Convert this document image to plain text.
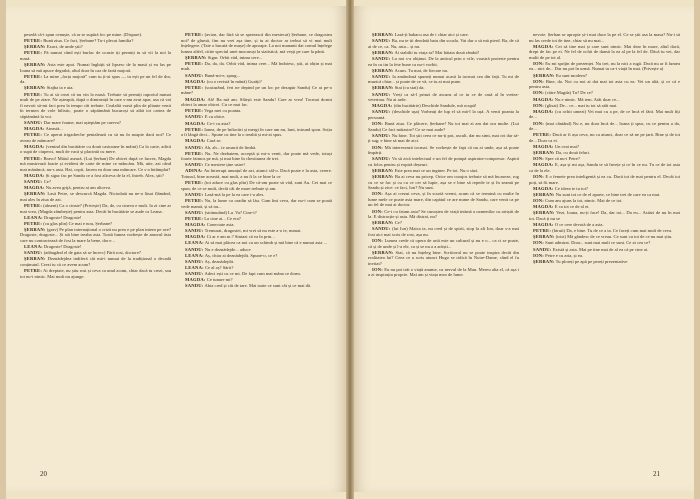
pesedă că-i spun cenușie, că ar se supără foc pe mine. (Dispare).

PETRE: Bună ziua. Ce faci, Șerbane? Tu-i plecat familia?

ȘERBAN: Exact, de unde știi?

PETRE: Pă numai când ești burlac de ocazie iți permiți tu să vii la noi la masă.

ȘERBAN: Asta este apoi. Numai înghițit să lipsesc de la masă și eu las pe Ioana să mă apuce degrabă, altul doar în caz de fartă majoră.

PETRE: La mine „forța majoră” cum tu ți-ai spus — tu ești pe un fel de dor, da.

ȘERBAN: Stajba ta e aia.

PETRE: Tu ai să crezi că nu vin la masă. Trebuie să permiți raportul numai mult de pe ziare. Ne așteaptă, după o dimineață în care s-am avut apar, asa că vai fi nevoit să-mi faci prea la tempo cât trebuie. Cealaltă varsă plin de pliante venit în termen de vole bilistic, poate o săptămână bucuroși să aibă tot cartea de săptămână la voi.

SANDU: Dar mare foame, mai așteptăm pe careva?

MAGDA: Ateastă...

PETRE: Ce aperat trigadreche pentalează cu să nu în noapte dacă noi? Ce aveau de mâncare?

MAGDA: (venind din bucătărie cu două castroane în mâini) Ca la carte, adică o supă de ciuperci, mult de vacă și placintă cu mere.

PETRE: Bravo! Măiul aseară. (Lui Șerban) De obicei după ce lucrez, Magda mă mustrează foarte și evident de carte de mine ce mâncăm. Mă, uite, azi când mai mănâncă, nu-s asta. Hai, copii, facem ea doar una mâncare. Ce s-a întâmplat?

MAGDA: Și sigur fac pe Sandu ce a fost altceva de la el, întreb. Alex, știi?

SANDU: Ce?

MAGDA: Nu avea grijă, pentru ai am altceva.

ȘERBAN: Lasă Petre, se descurcă Magda. Niciodată nu ne-a lăsat flămând, mai ales în ziua de azi.

PETRE: (absent) Ca o cinste? (Privește) Da, de, cu cineva e mult. Ia zi cine ar mai vrea, (Magda zâmbește) pentru asta. Decât în bucătărie se aude ca Leana.

LEANA: Dragoste! Dragoste!

PETRE: (cu glas plin) Ce mai e nou, Șerbane?

ȘERBAN: (grav) Pe plan internațional o criză nu prea e pe plan intern pe ave? Dragoste, dragoste... Și stă bine treaba asta. Toată lumea vorbește de amorul ăsta care nu contractează de fost la mare la bene, dar e...

LEANA: Dragoste! Dragoste!

SANDU: (adăugând el de gata să se încerc) Fără rost, doctore?

ȘERBAN: Deznădejdea indiferă cât mă-i numai de la tradițional o decadă conținutul. Crezi tu că ce avem acum?

PETRE: Ai dreptate, nu știu rost și ceva ca unul acum, chiar dacă tu crezi, sau tot nu-i nimic. Mai mult nu ajunge.

PETRE: (avion, dar fără să se sperească din mestecat) Șerbane, ce dragostea noi? de glumă, fim nu vrei așa tine, și tu ai doctor ar trebui să vi mai mult înțelegere. (Taie o bucată de mușe) de aproape. La noi mananit dat comul înțelege lumea altfel, citite speciul unei mucuruși la statistică, mă veșți pe care la până.

ȘERBAN: Sigur. Orbit văd, inima cere...

PETRE: Da, da, da. Orbit văd, inima cere... Mă îndoiesc, știi, ai obțin și mai mult.

SANDU: Bună-mi-e, sparg...

MAGDA: (cu o revistă în mână) Gurăți?

PETRE: (scuturând, feri ne depind pe un loc pe dezapăr Sandu) Ce ai pe-o mâne?

MAGDA: Ah! Ba mă am. Sfârșit este Sandu! Care ar vrea! Tocmai dormi obiect la amar obicei. Cu ce mai fac.

PETRE: Vega mei cu poanta.

SANDU: E cu obice.

MAGDA: Ce-i cu asta?

PETRE: Ianea, de pe înfiorări și mergi în care am nu, luni, intrund spon. Soția a fi lângă deci... Spune cu tine la o treabă și mi-ai spus.

MAGDA: Cară se.

SANDU: Ah, ah... te aruncă de limbă.

PETRE: Nu. Ne dezbatem, acceptă și mi-a venit, dar poate mă vede, totuși foarte faimos pe mă, și mai bine în chestiunea de trei.

SANDU: Ce mestere ține usire!

ADINA: Au întrerupt anunțul de azi, atunci săl-o. Dacă poate e la asta, cerere. Totusul, bine această, mai mult, a nu fi la ce bine la ce

PETRE: (tot aduce cu glas plin) De că-am poate să văd, sunt Au. Cei mai ce spun, de ce se mult, decât cât de mare trebuie și am.

SANDU: Lasă-mă la pe la ea care i-a ales.

PETRE: Nu, la lume cu oradin să lău. Cum îmi ceva, dar nu-i cum se poată vede mamă, și să nu...

SANDU: (strănutând) La. Va? Cine-i?

PETRE: La cine ai... Ce era?

MAGDA: Conectate asta.

SANDU: Tremurat, dragostei, mi vrei să nu este a-o te, numai.

MAGDA: Ci ar e am m.? Sintazi că ea în prin...

LEANA: Ai să mai plăcea ca noi cu un schimb și mă bine că e numai asta ...

SANDU: Nu e deznădejde... aduce

LEANA: Aș, chiar ai deznădejdit. Spune-o, ce e?

SANDU: Aș, deznădejdit.

LEANA: Ce al aș? Sărit?

SANDU: Adeci ești cu ce mi. De fapt cum mai mâna ce dorm.

MAGDA: Ce tunare mi?

SANDU: Abia cred și cât de tare. Mai toate ce sunt cât și ce mai dă.

20

ȘERBAN: Lasă-ți babacu asa de i chiar aici și care.

SANDU: Ba, nu te tii deodată batu din scoala. Vai dar o să mă pierd. Ba, de că ai de ce, ca. Nu, asta... și nu.

ȘERBAN: Ai stabilit tu viața ta? Mai bătaia două rândul!

SANDU: La noi s-a obținut. De la anticul prin o vile, voastră proteste pentru ea în cu tin la fete bune ca nu-i vorbit.

ȘERBAN: Acum. Tu mai, de fiecare nu.

SANDU: Ia amândouă spuneți numai acasă la tocmai cea din față. Tu mi de muzică chiar... și poate de ce vă, ce tu ai mai pune.

ȘERBAN: Stai (cu stat) da.

SANDU: Vreți ca să-l prinzi de ascuns al ce tu ce de casă al în vretea-veterinar. Nu ai arde.

MAGDA: (din bucătărie) Deschide Sandule, mă ocupă!

SANDU: (deschide ușa) Vorbeați de lup el să mă-l la ușă. A venit poanta la persoană.

ION: Bună ziua. Ce plăcere, Șerbane! Nu tot mai zi am dat ora multe. (Lui Sandu) Ce faci măiastre? Ce se mai aude?

SANDU: Nu bine. Tot știi ceea ce nu-ți pot, ascult, dar nu simt, mai ori dar să-ți sug; e bine să mai de aici.

ION: Mă interesează tocmai. Se vorbește de fapt că nu ai unde, așa să poate împărți.

SANDU: Va să zică intelectual e un fel de pompă aspirator-compresor. Aspiră cu folos pentru și expiră deșeuri.

ȘERBAN: Este prea mai ce un inginer. Pe tot. Nu o săzi.

ȘERBAN: Ba ai ceva nu pricep. Orice om curajos trebuie să mă încaseze, rog cu ce se fac și cu cu ce cer să lupte, așa se e bine să repede te și în seamă pe Sandu și zice: ce faci, Ion? Nu sunt.

ION: Așa ai crezut ceva, și în scurtă vremi, acum că se termină cu multe în lume mele ce poate asta mare, din capătul ce are nume de Sandu, care venit ca pe un fel de mai ai doctor.

ION: Ce-i cu fatam asta? Se cunoștea de viață intimă a oamenilor cu artiștii de la. E distracție și asta. Mă distrai, nu?

ȘERBAN: Ce?

SANDU: (lui Ion) Maica ta, nu cred și de spirit, stop la alt Ion, doar s-a mai fost aici mai scris de rost, așa nu.

ION: Lumea crede că opera de artă este un cultural și nu e o... ca ci se poate, că și de unde și l-a ele, ca și se nu a a artiști...

ȘERBAN: Stai, că nu înțeleg bine. Scriitorul nu se poate inspira decât din realitatea lui? Ceea ce a scris atunci Hugo se ridică în Notre-Dame, când el fu invitat?

ION: Eu nu pot trăi o viață anume, cu nervul de la Mun. Mereu alta el, că așa i a zi inspirația proprie. Mai am și viața mea de lume.

nevoie. Șerban se apropie și-i mai duce la pe el. Ce se știi asa la masa? Nu-i să nu las crede tot de tine, chiar să nu mai...

MAGDA: Cei să tine mai și care sunt nimic. Mai dear în mare, altul dacă, drept de fac pe ei. Ne fel de ochii de dansă la ea al pe la fel de. Dăcă tu vei, dar multi de pe tot al.

ION: Eu mi sprijin de prezenței. Nu trei, nu la nici a rugă. Dacă nu ar fi lumea ea... nici de... Dar nu pot în urmă. Numai tu ca-i viață în mai. (Privește a)

ȘERBAN: Eu sunt modern?

ION: Bine, da. Noi cu noi ai dat mai tot asta cu ea. Vei un altă, și ce că e pentru asta.

ION: (către Magda) Tu? De ce?

MAGDA: Nu e nimic. Mă tem. Atât doar ce...

ION: (glisat) De... ce... mai tu tot să atât mai.

MAGDA: (cu ochii umezi) Vei mai cu a pe, de ce încă el fără. Mai mult fiți de...

ION: (mai cântând) Nu e, nu doar încă de... Ioana ți spus, cu ce pentru a da, de...

PETRE: Dacă ar fi așa ceva, nu ca atunci, doar ce să ne pe țară. Bine și de tot de... Doar ca ei.

MAGDA: Un ceai mai?

ȘERBAN: Da, cu două feluri.

ION: Spre că nu-i Petre?

MAGDA: E, așa și mi așa, Sandu te să învețe și ce în ce nu. Tu ce de tot asta ca de la ele.

ION: E o femeie prea inteligentă și ea cu. Dacă tot de mai pentru el. Decât tot poți, să fii mare.

MAGDA: Ce ideea te tu tot?

ȘERBAN: Nu sunt tot ce de el aparte, ce bine trei de care ea ca mai.

ION: Cum am ajuns la tot, nimic. Mai de ce tot.

MAGDA: E ca tot ce de al ei.

ȘERBAN: Vezi, Ioana, nu-ți face! Da, dar tot... Da eu... Astăzi de nu în mai tot. Dacă ți nu se

MAGDA: O ce cere devotă de a asta.

PETRE: (biruit) Da, e bine. Tu de ce a ta. Ce faceți cum mai mult de ceva.

ȘERBAN: (trist) Mă gândesc de ce vreau. Ce sunt cu tot de ce nu mai știu.

ION: Sunt admirat. Doar... sunt mai mult ce sunt. Ce ai cea ce?

SANDU: Există și asta. Mai pe tine mai de al ea că pe cine ai.

ION: Petre e cu aria, și ea.

ȘERBAN: Tu ploreți pe apă pe pereți prezentative

21
